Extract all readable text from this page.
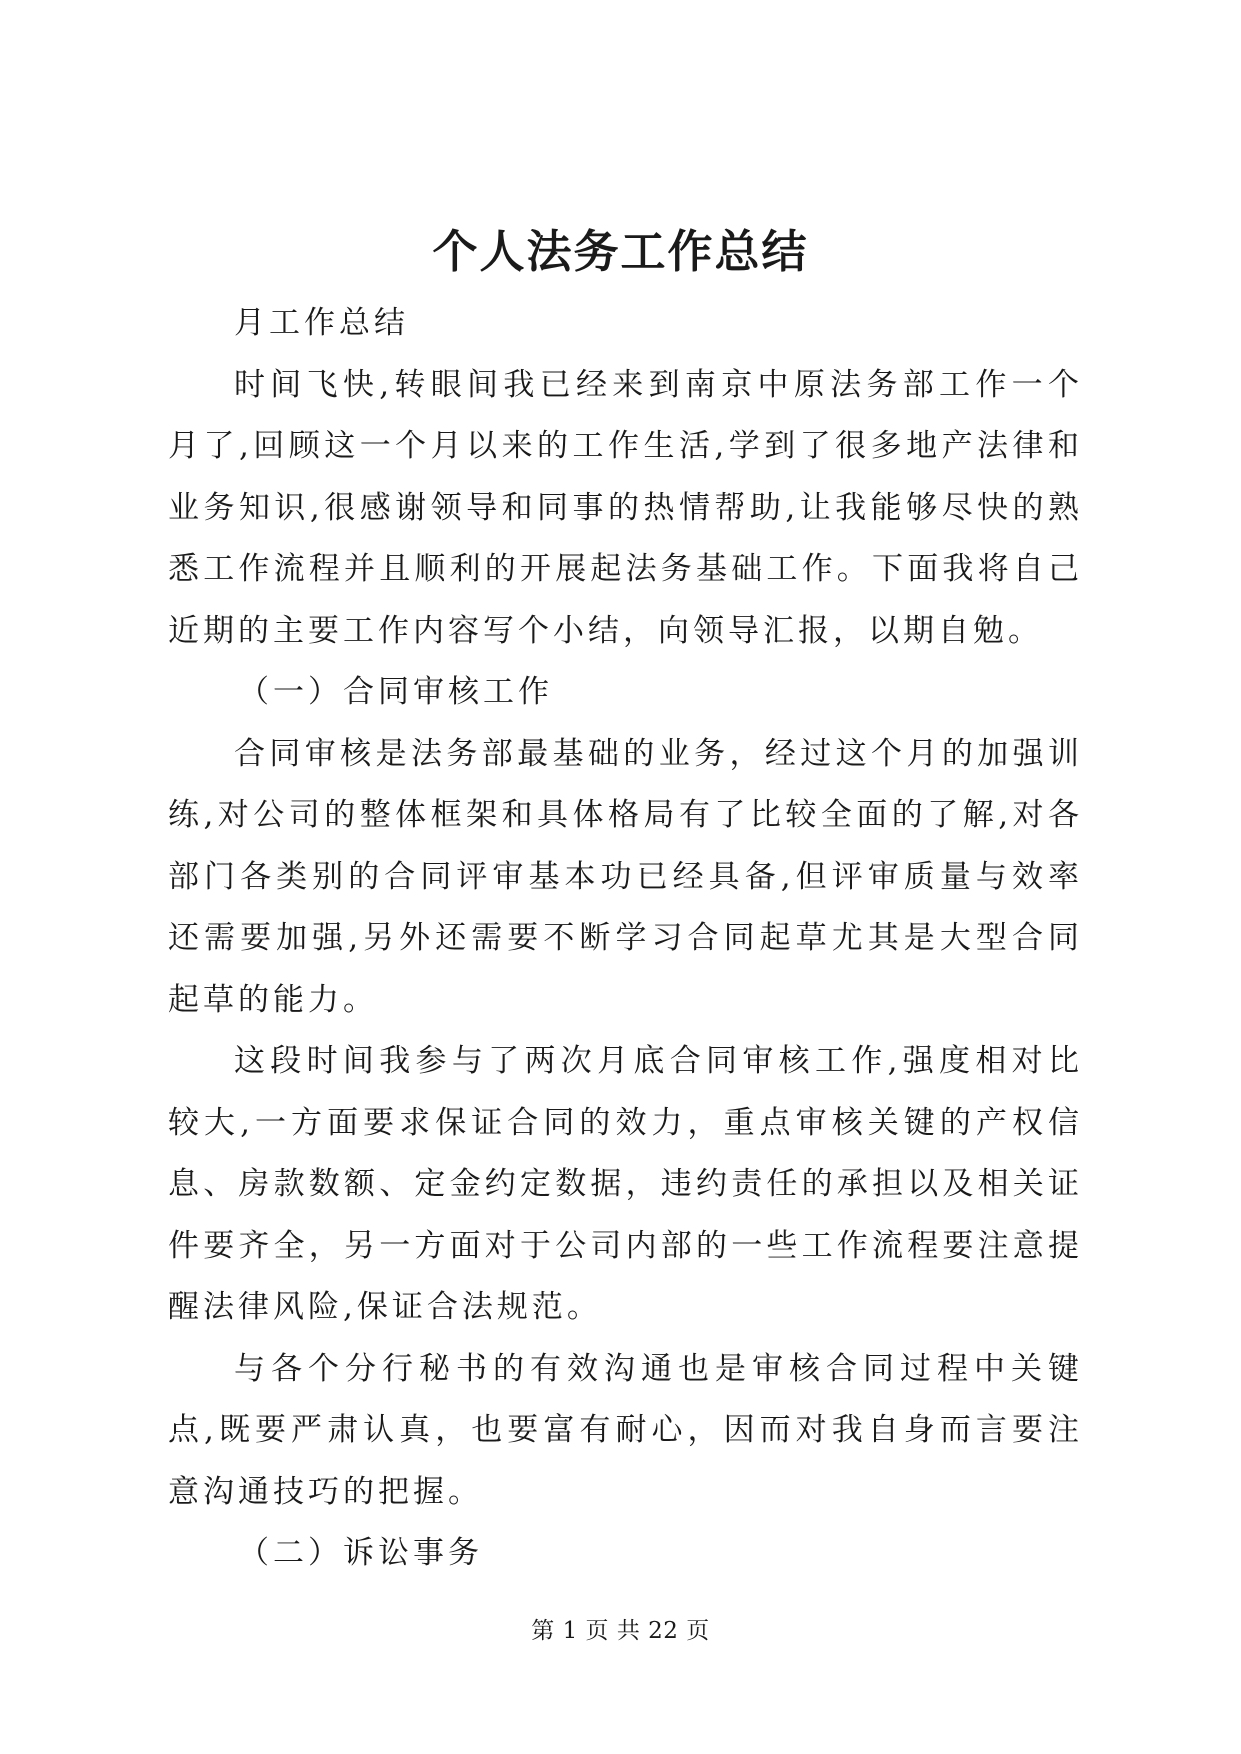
个人法务工作总结

月工作总结

时间飞快,转眼间我已经来到南京中原法务部工作一个月了,回顾这一个月以来的工作生活,学到了很多地产法律和业务知识,很感谢领导和同事的热情帮助,让我能够尽快的熟悉工作流程并且顺利的开展起法务基础工作。下面我将自己近期的主要工作内容写个小结，向领导汇报，以期自勉。

（一）合同审核工作

合同审核是法务部最基础的业务，经过这个月的加强训练,对公司的整体框架和具体格局有了比较全面的了解,对各部门各类别的合同评审基本功已经具备,但评审质量与效率还需要加强,另外还需要不断学习合同起草尤其是大型合同起草的能力。

这段时间我参与了两次月底合同审核工作,强度相对比较大,一方面要求保证合同的效力，重点审核关键的产权信息、房款数额、定金约定数据，违约责任的承担以及相关证件要齐全，另一方面对于公司内部的一些工作流程要注意提醒法律风险,保证合法规范。

与各个分行秘书的有效沟通也是审核合同过程中关键点,既要严肃认真，也要富有耐心，因而对我自身而言要注意沟通技巧的把握。

（二）诉讼事务

第 1 页 共 22 页
